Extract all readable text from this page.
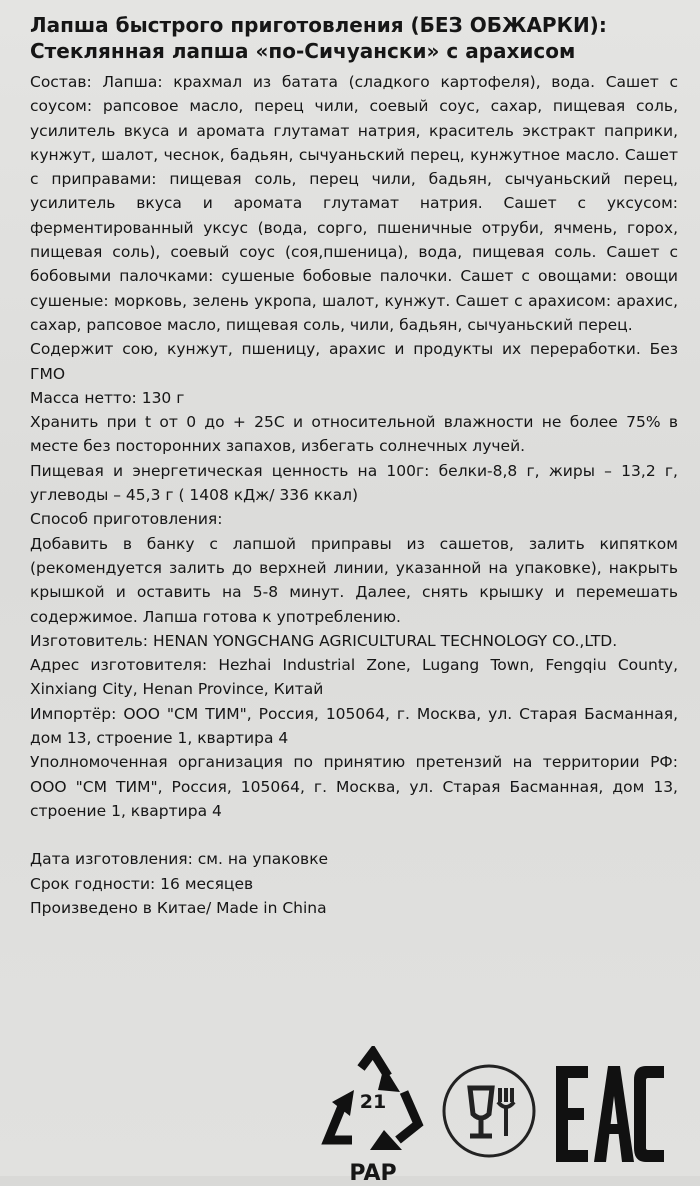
Лапша быстрого приготовления (БЕЗ ОБЖАРКИ):

Стеклянная лапша «по-Сичуански» с арахисом

Состав: Лапша: крахмал из батата (сладкого картофеля), вода. Сашет с соусом: рапсовое масло, перец чили, соевый соус, сахар, пищевая соль, усилитель вкуса и аромата глутамат натрия, краситель экстракт паприки, кунжут, шалот, чеснок, бадьян, сычуаньский перец, кунжутное масло. Сашет с приправами: пищевая соль, перец чили, бадьян, сычуаньский перец, усилитель вкуса и аромата глутамат натрия. Сашет с уксусом: ферментированный уксус (вода, сорго, пшеничные отруби, ячмень, горох, пищевая соль), соевый соус (соя,пшеница), вода, пищевая соль. Сашет с бобовыми палочками: сушеные бобовые палочки. Сашет с овощами: овощи сушеные: морковь, зелень укропа, шалот, кунжут. Сашет с арахисом: арахис, сахар, рапсовое масло, пищевая соль, чили, бадьян, сычуаньский перец.

Содержит сою, кунжут, пшеницу, арахис и продукты их переработки. Без ГМО

Масса нетто: 130 г

Хранить при t от 0 до + 25С и относительной влажности не более 75% в месте без посторонних запахов, избегать солнечных лучей.

Пищевая и энергетическая ценность на 100г: белки-8,8 г, жиры – 13,2 г, углеводы – 45,3 г ( 1408 кДж/ 336 ккал)

Способ приготовления:

Добавить в банку с лапшой приправы из сашетов, залить кипятком (рекомендуется залить до верхней линии, указанной на упаковке), накрыть крышкой и оставить на 5-8 минут. Далее, снять крышку и перемешать содержимое. Лапша готова к употреблению.

Изготовитель: HENAN YONGCHANG AGRICULTURAL TECHNOLOGY CO.,LTD.

Адрес изготовителя: Hezhai Industrial Zone, Lugang Town, Fengqiu County, Xinxiang City, Henan Province, Китай

Импортёр: ООО "СМ ТИМ", Россия, 105064, г. Москва, ул. Старая Басманная, дом 13, строение 1, квартира 4

Уполномоченная организация по принятию претензий на территории РФ: ООО "СМ ТИМ", Россия, 105064, г. Москва, ул. Старая Басманная, дом 13, строение 1, квартира 4

Дата изготовления: см. на упаковке

Срок годности: 16 месяцев

Произведено в Китае/ Made in China

21
PAP
